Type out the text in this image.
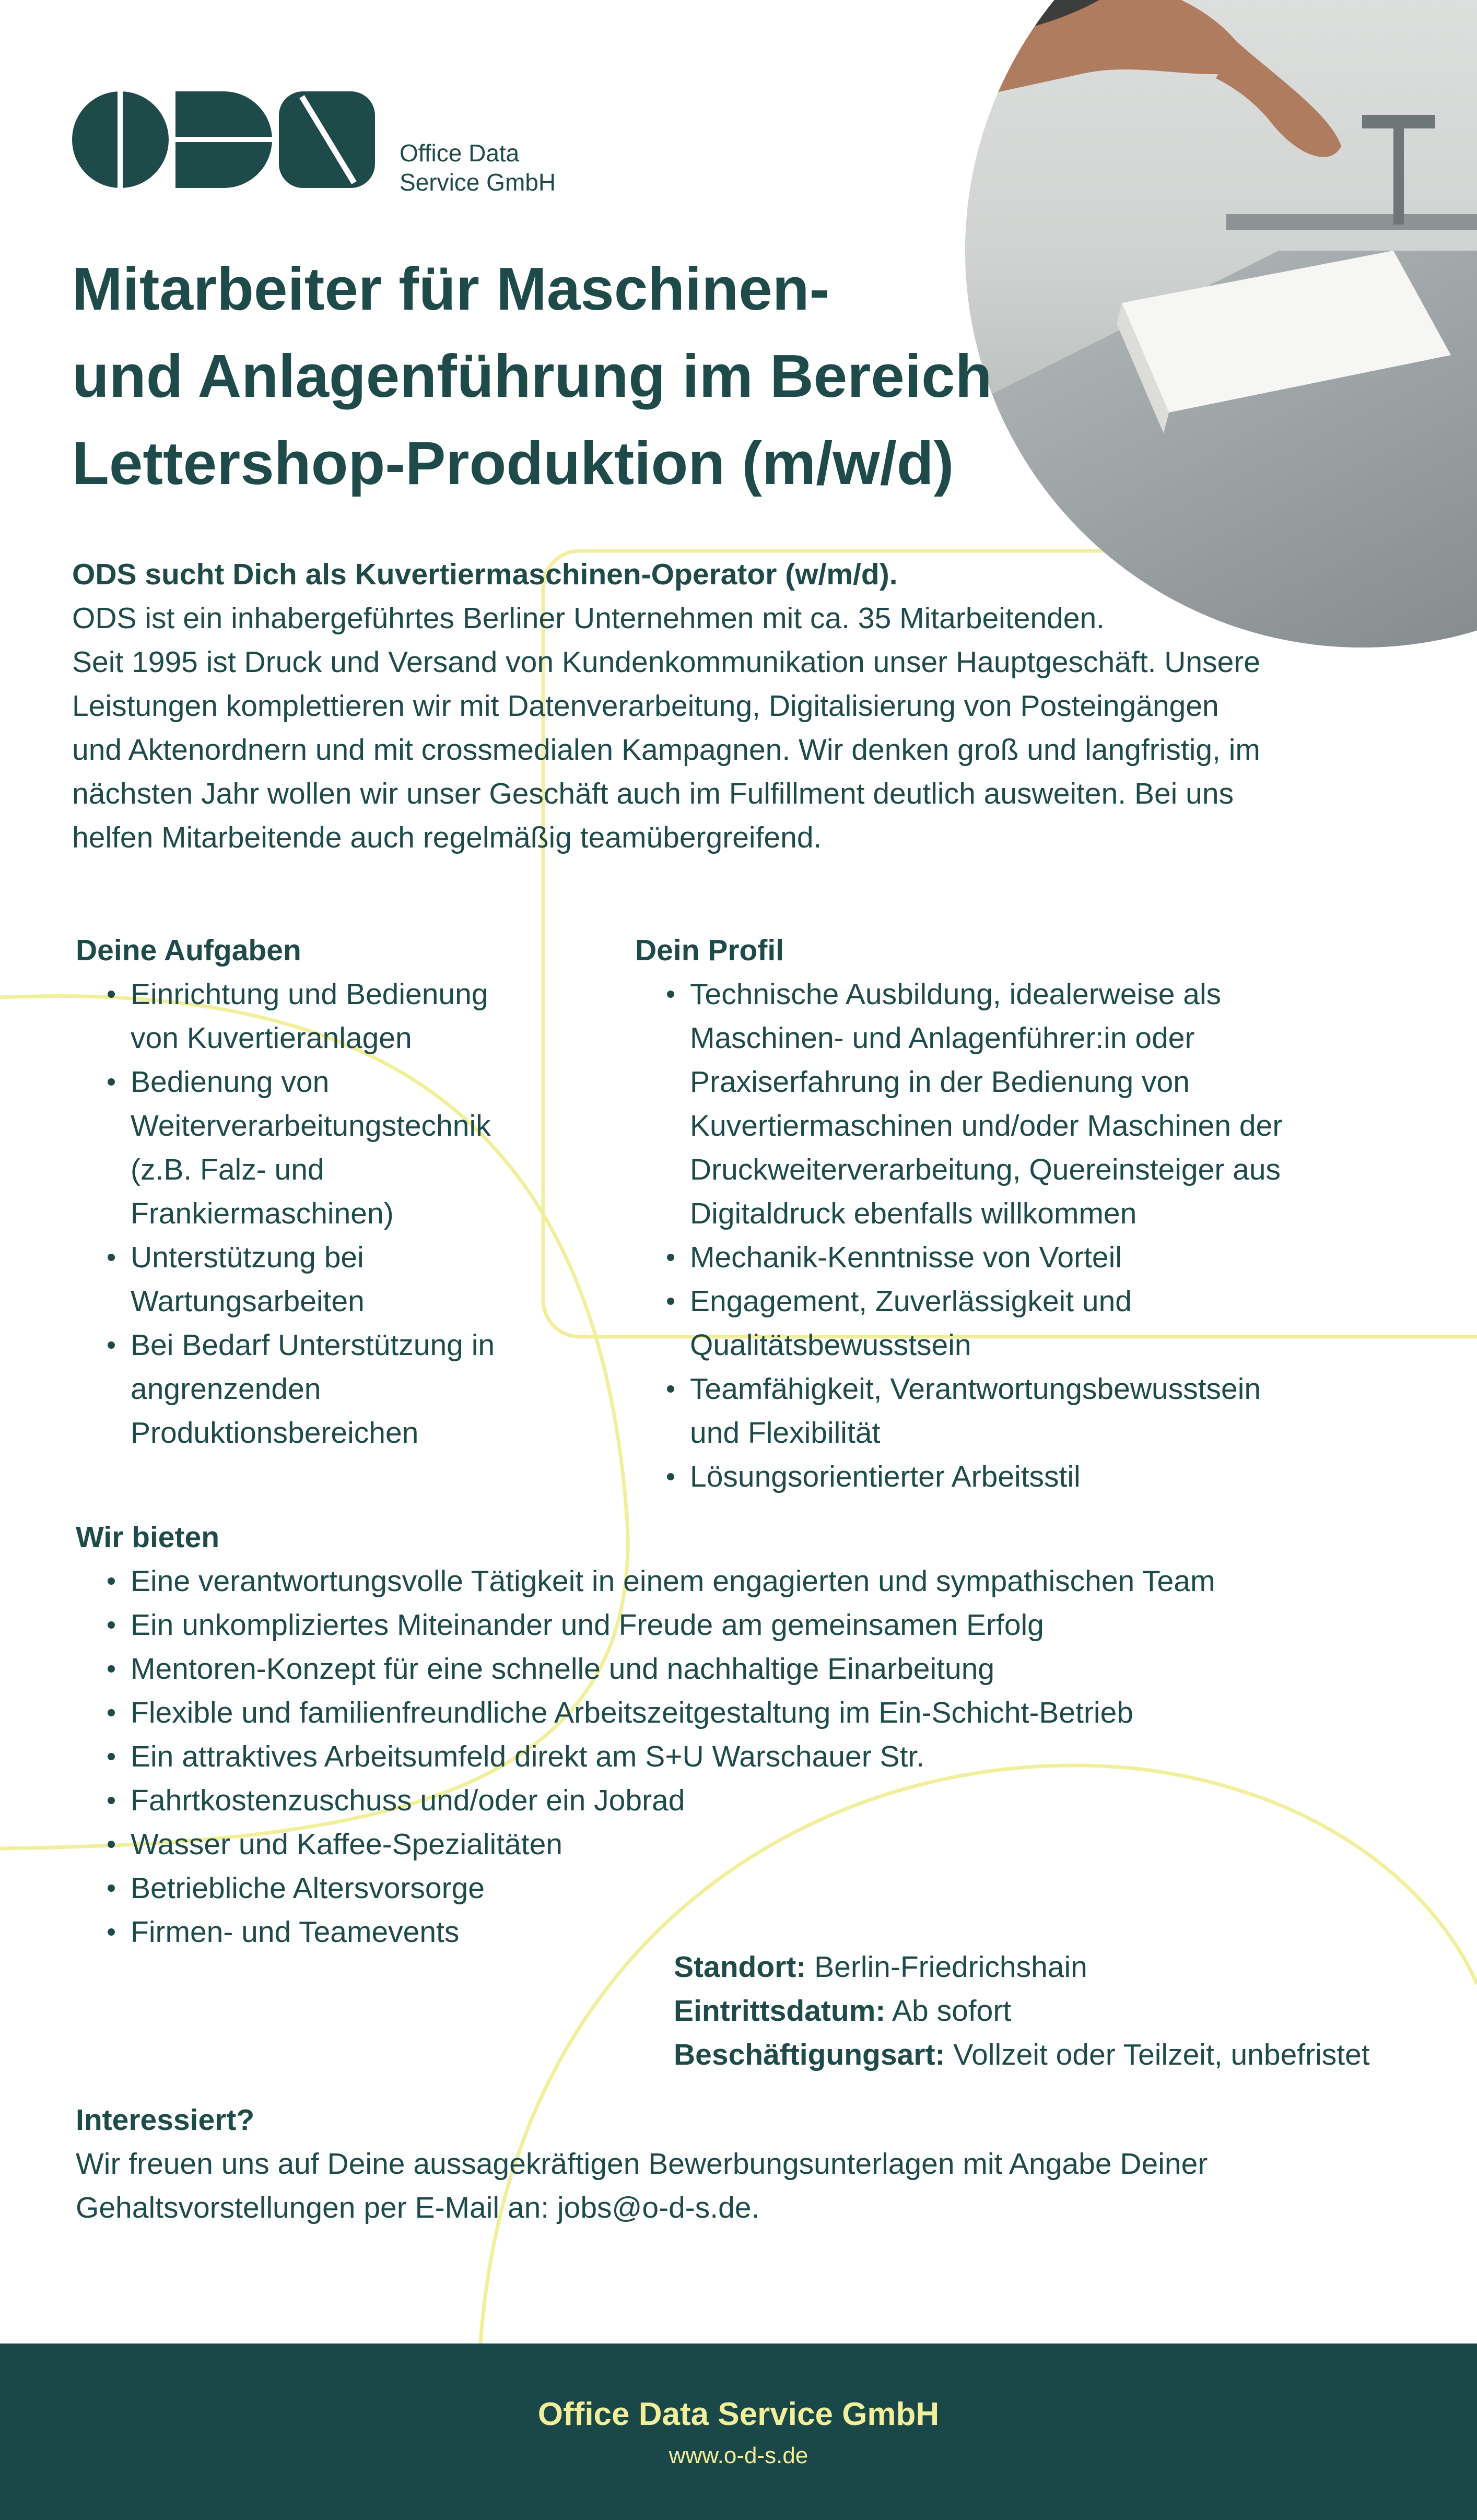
Office Data
Service GmbH
Mitarbeiter für Maschinen-
und Anlagenführung im Bereich
Lettershop-Produktion (m/w/d)
ODS sucht Dich als Kuvertiermaschinen-Operator (w/m/d).
ODS ist ein inhabergeführtes Berliner Unternehmen mit ca. 35 Mitarbeitenden.
Seit 1995 ist Druck und Versand von Kundenkommunikation unser Hauptgeschäft. Unsere
Leistungen komplettieren wir mit Datenverarbeitung, Digitalisierung von Posteingängen
und Aktenordnern und mit crossmedialen Kampagnen. Wir denken groß und langfristig, im
nächsten Jahr wollen wir unser Geschäft auch im Fulfillment deutlich ausweiten. Bei uns
helfen Mitarbeitende auch regelmäßig teamübergreifend.
Deine Aufgaben
Einrichtung und Bedienung
von Kuvertieranlagen
Bedienung von
Weiterverarbeitungstechnik
(z.B. Falz- und
Frankiermaschinen)
Unterstützung bei
Wartungsarbeiten
Bei Bedarf Unterstützung in
angrenzenden
Produktionsbereichen
Dein Profil
Technische Ausbildung, idealerweise als
Maschinen- und Anlagenführer:in oder
Praxiserfahrung in der Bedienung von
Kuvertiermaschinen und/oder Maschinen der
Druckweiterverarbeitung, Quereinsteiger aus
Digitaldruck ebenfalls willkommen
Mechanik-Kenntnisse von Vorteil
Engagement, Zuverlässigkeit und
Qualitätsbewusstsein
Teamfähigkeit, Verantwortungsbewusstsein
und Flexibilität
Lösungsorientierter Arbeitsstil
Wir bieten
Eine verantwortungsvolle Tätigkeit in einem engagierten und sympathischen Team
Ein unkompliziertes Miteinander und Freude am gemeinsamen Erfolg
Mentoren-Konzept für eine schnelle und nachhaltige Einarbeitung
Flexible und familienfreundliche Arbeitszeitgestaltung im Ein-Schicht-Betrieb
Ein attraktives Arbeitsumfeld direkt am S+U Warschauer Str.
Fahrtkostenzuschuss und/oder ein Jobrad
Wasser und Kaffee-Spezialitäten
Betriebliche Altersvorsorge
Firmen- und Teamevents
Standort: Berlin-Friedrichshain
Eintrittsdatum: Ab sofort
Beschäftigungsart: Vollzeit oder Teilzeit, unbefristet
Interessiert?
Wir freuen uns auf Deine aussagekräftigen Bewerbungsunterlagen mit Angabe Deiner
Gehaltsvorstellungen per E-Mail an: jobs@o-d-s.de.
Office Data Service GmbH
www.o-d-s.de
